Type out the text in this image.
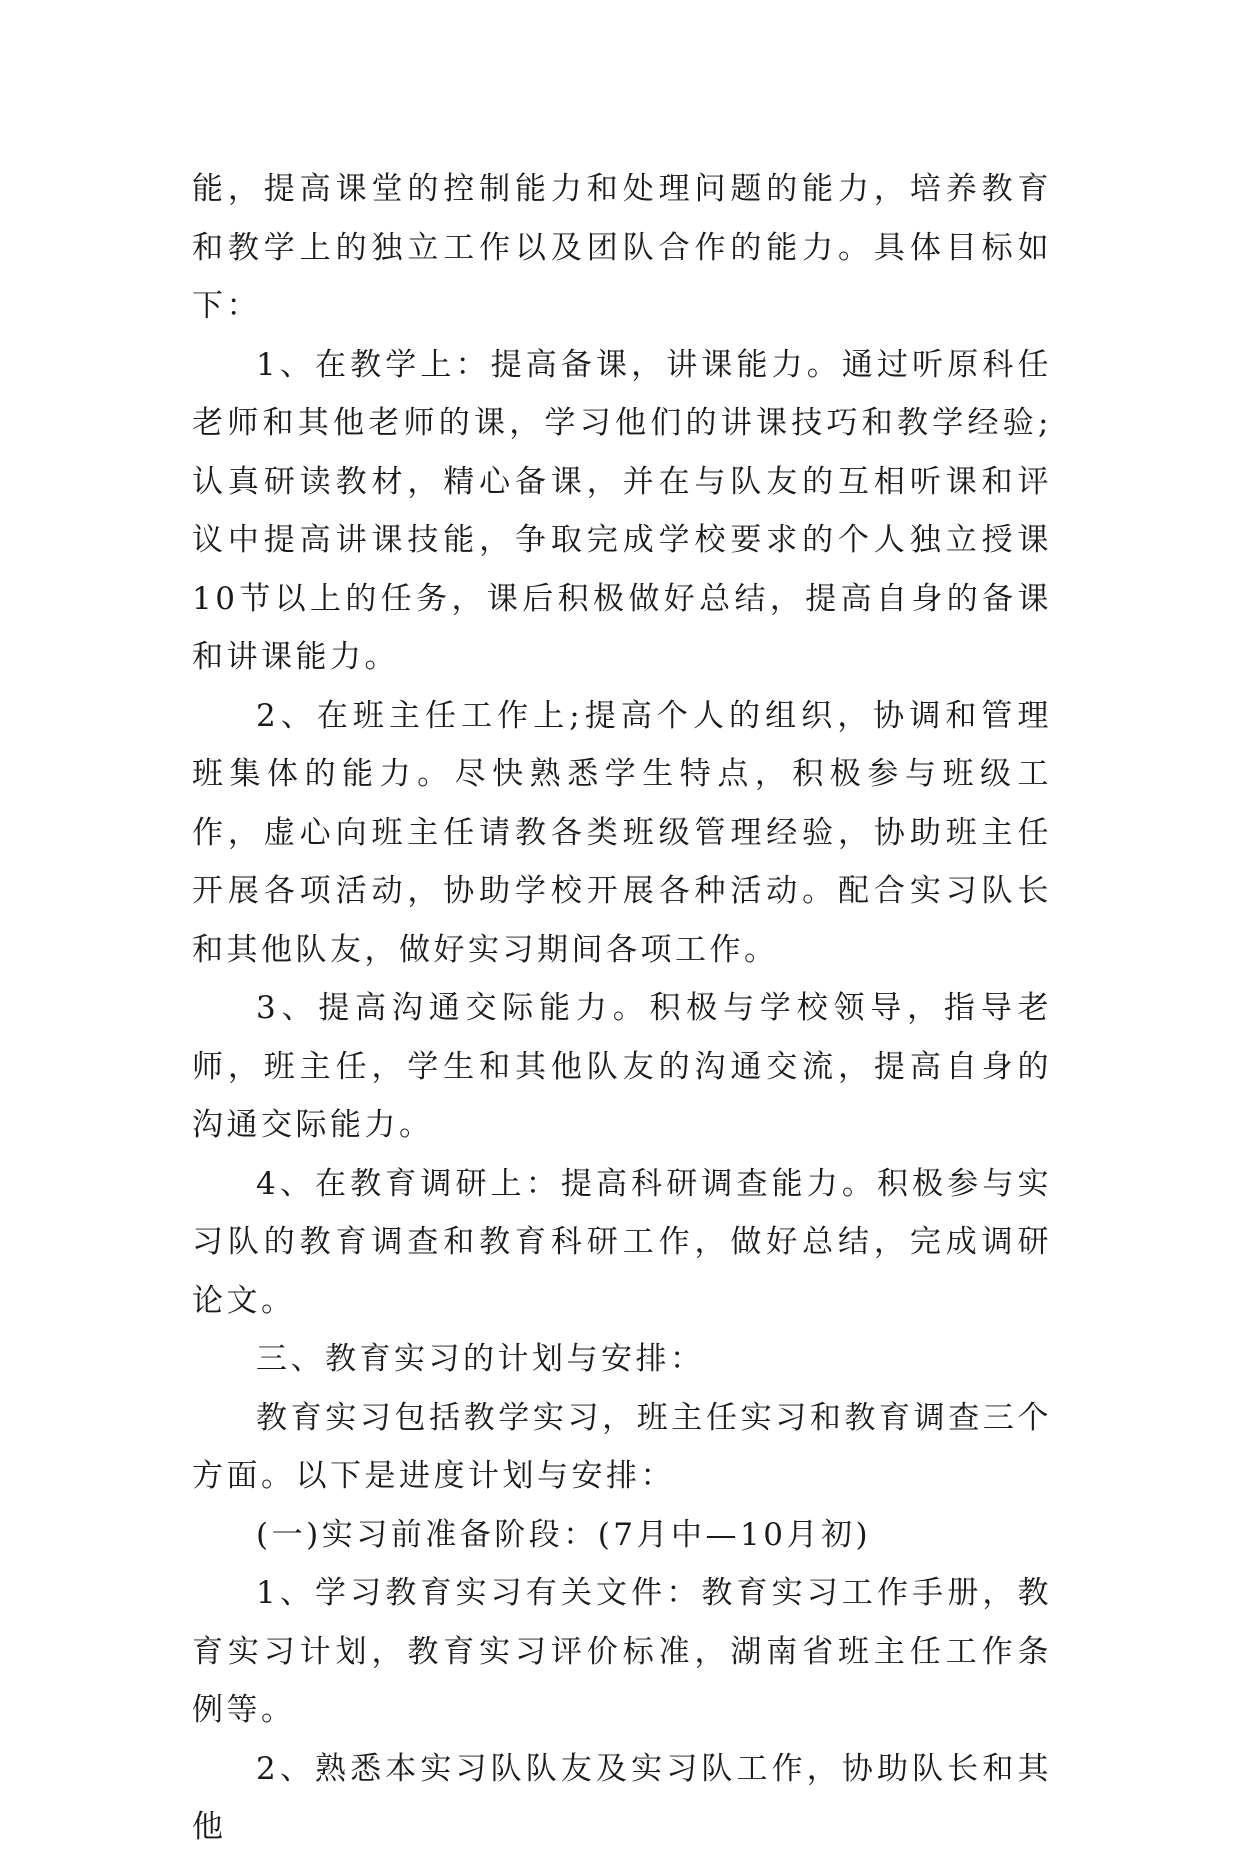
能，提高课堂的控制能力和处理问题的能力，培养教育和教学上的独立工作以及团队合作的能力。具体目标如下：

1、在教学上：提高备课，讲课能力。通过听原科任老师和其他老师的课，学习他们的讲课技巧和教学经验;认真研读教材，精心备课，并在与队友的互相听课和评议中提高讲课技能，争取完成学校要求的个人独立授课10节以上的任务，课后积极做好总结，提高自身的备课和讲课能力。

2、在班主任工作上;提高个人的组织，协调和管理班集体的能力。尽快熟悉学生特点，积极参与班级工作，虚心向班主任请教各类班级管理经验，协助班主任开展各项活动，协助学校开展各种活动。配合实习队长和其他队友，做好实习期间各项工作。

3、提高沟通交际能力。积极与学校领导，指导老师，班主任，学生和其他队友的沟通交流，提高自身的沟通交际能力。

4、在教育调研上：提高科研调查能力。积极参与实习队的教育调查和教育科研工作，做好总结，完成调研论文。

三、教育实习的计划与安排：

教育实习包括教学实习，班主任实习和教育调查三个方面。以下是进度计划与安排：

(一)实习前准备阶段：(7月中—10月初)

1、学习教育实习有关文件：教育实习工作手册，教育实习计划，教育实习评价标准，湖南省班主任工作条例等。

2、熟悉本实习队队友及实习队工作，协助队长和其他
